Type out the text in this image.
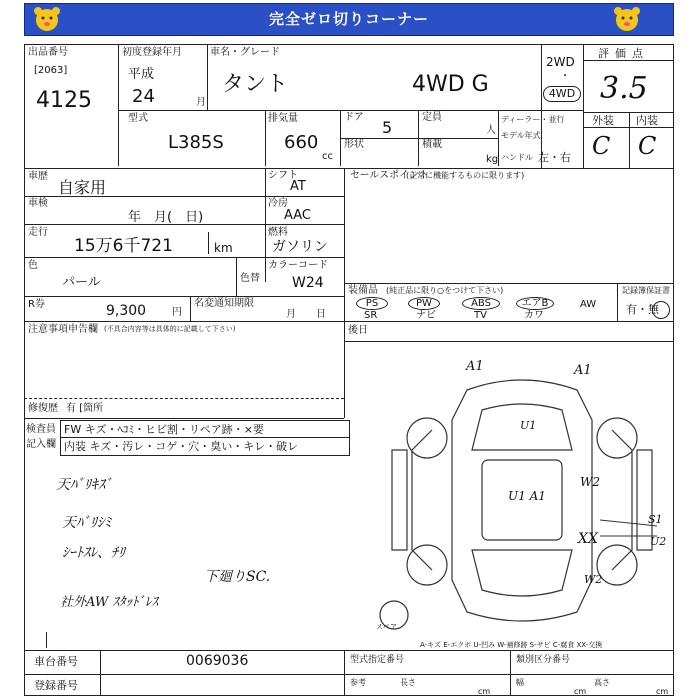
完全ゼロ切りコーナー
出品番号
[2063]
4125
初度登録年月
平成
24	月
車名・グレード
タント	4WD G
2WD
・
4WD
評価点
3.5
外装 内装
C C
型式
L385S
排気量
660
cc
ドア
5
形状
定員
人
積載
kg
ディーラー・並行
モデル年式
ハンドル 左・右
車歴
自家用
車検
年　月(　日)
走行
15万6千721	km
色
パール	色替
カラーコード
W24
R券	9,300	円
名変通知期限
月　　日
シフト
AT
冷房
AAC
燃料
ガソリン
セールスポイント
(正常に機能するものに限ります)
装備品 (純正品に限り○をつけて下さい)
PS	PW	ABS	エアB	AW
SR	ナビ	TV	カワ
記録簿保証書
有・無
後日
注意事項申告欄 (不具合内容等は具体的に記載して下さい)
修復歴 有 [箇所
検査員
記入欄
FW キズ・ﾍｺﾐ・ヒビ割・リペア跡・×要
内装 キズ・汚レ・コゲ・穴・臭い・キレ・破レ
天ﾊﾞﾘｷｽﾞ
天ﾊﾞﾘｼﾐ
ｼｰﾄｽﾚ、ﾁﾘ
社外AW ｽﾀｯﾄﾞﾚｽ
下廻りSC.
A1	A1
U1
U1 A1
W2
XX
W2
S1
U2
スペア
A-キズ E-エクボ U-凹み W-補修跡 S-サビ C-腐食 XX-交換
車台番号	0069036
登録番号
型式指定番号	類別区分番号
参考	長さ
cm
幅
cm
高さ
cm
